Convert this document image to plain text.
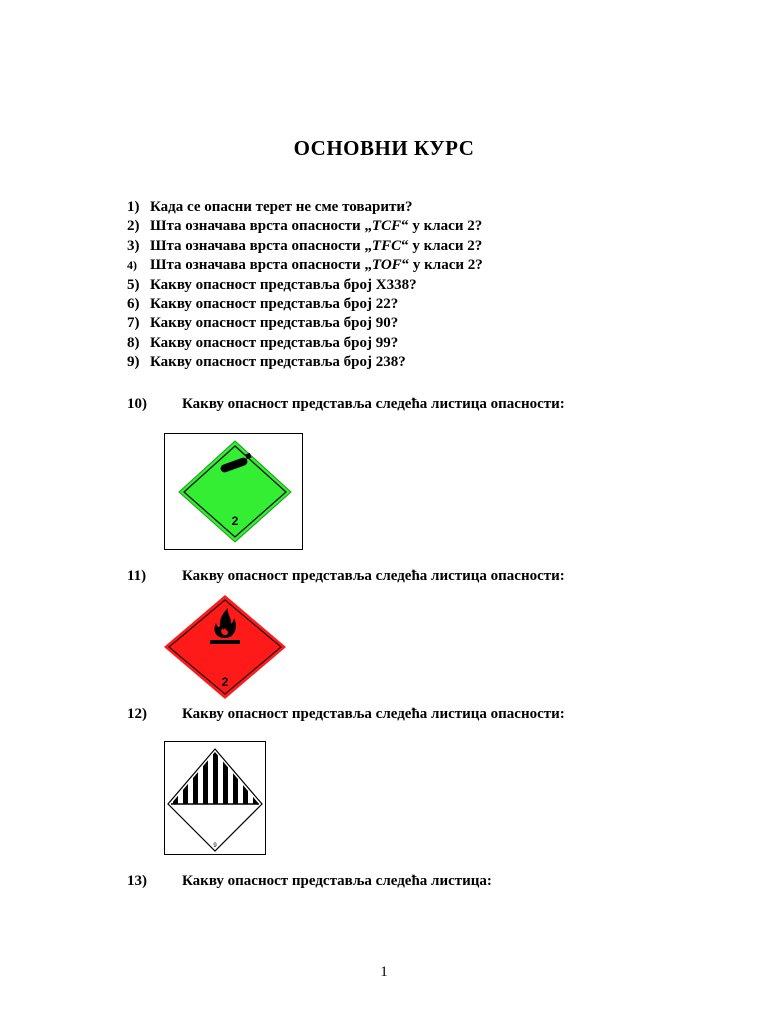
ОСНОВНИ КУРС
1) Када се опасни терет не сме товарити?
2) Шта означава врста опасности „TCF“ у класи 2?
3) Шта означава врста опасности „TFC“ у класи 2?
4) Шта означава врста опасности „TOF“ у класи 2?
5) Какву опасност представља број X338?
6) Какву опасност представља број 22?
7) Какву опасност представља број 90?
8) Какву опасност представља број 99?
9) Какву опасност представља број 238?
10) Какву опасност представља следећа листица опасности:
2
11) Какву опасност представља следећа листица опасности:
2
12) Какву опасност представља следећа листица опасности:
9
13) Какву опасност представља следећа листица:
1
